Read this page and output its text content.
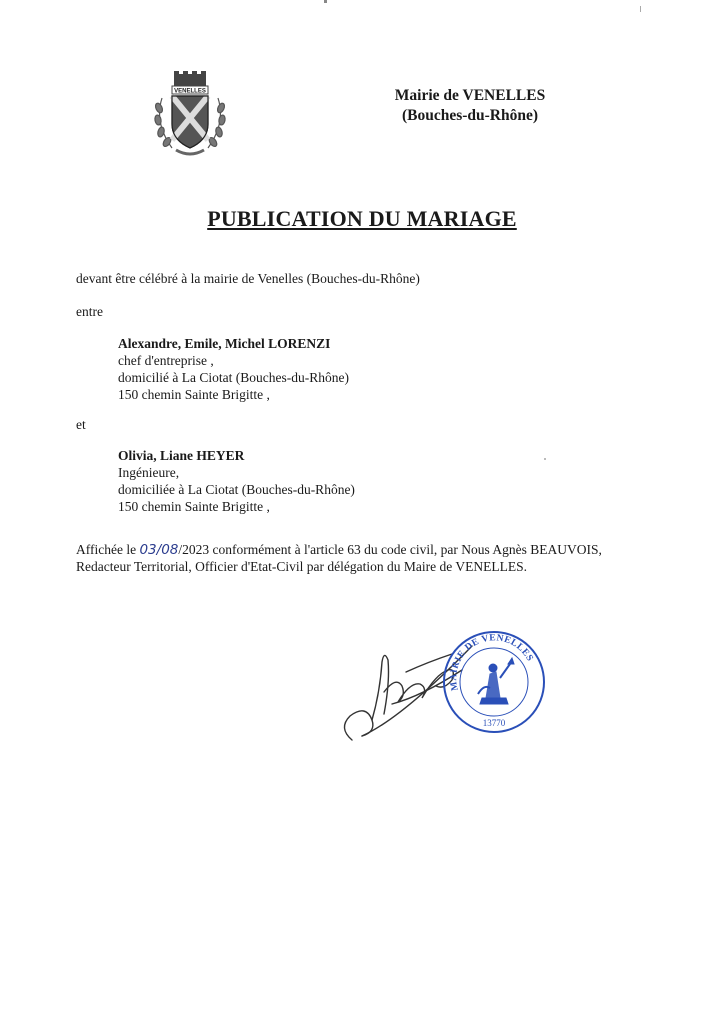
VENELLES	Mairie de VENELLES
(Bouches-du-Rhône)
PUBLICATION DU MARIAGE
devant être célébré à la mairie de Venelles (Bouches-du-Rhône)
entre
Alexandre, Emile, Michel LORENZI
chef d'entreprise ,
domicilié à La Ciotat (Bouches-du-Rhône)
150 chemin Sainte Brigitte ,
et
Olivia, Liane HEYER
Ingénieure,
domiciliée à La Ciotat (Bouches-du-Rhône)
150 chemin Sainte Brigitte ,
Affichée le 03/08/2023 conformément à l'article 63 du code civil, par Nous Agnès BEAUVOIS,
Redacteur Territorial, Officier d'Etat-Civil par délégation du Maire de VENELLES.
MAIRIE DE VENELLES
13770
